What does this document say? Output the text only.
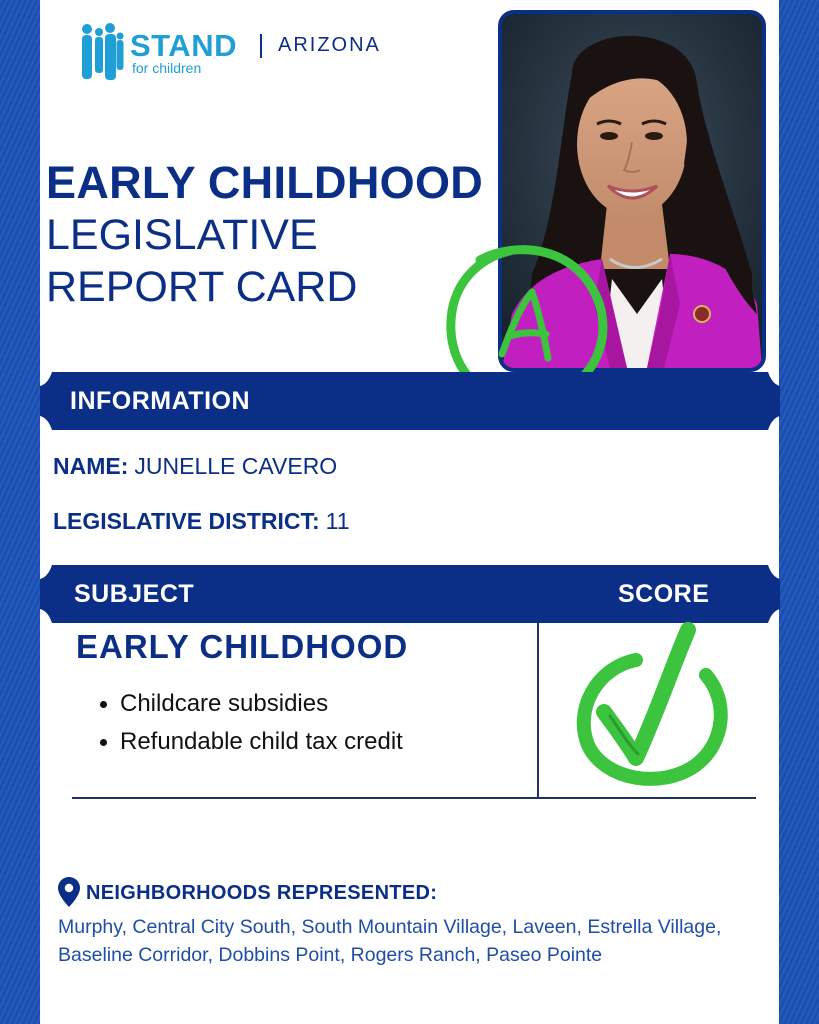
STAND
for children
ARIZONA
EARLY CHILDHOOD
LEGISLATIVE
REPORT CARD
INFORMATION
NAME: JUNELLE CAVERO
LEGISLATIVE DISTRICT: 11
SUBJECT	SCORE
EARLY CHILDHOOD
Childcare subsidies
Refundable child tax credit
NEIGHBORHOODS REPRESENTED:
Murphy, Central City South, South Mountain Village, Laveen, Estrella Village, Baseline Corridor, Dobbins Point, Rogers Ranch, Paseo Pointe
